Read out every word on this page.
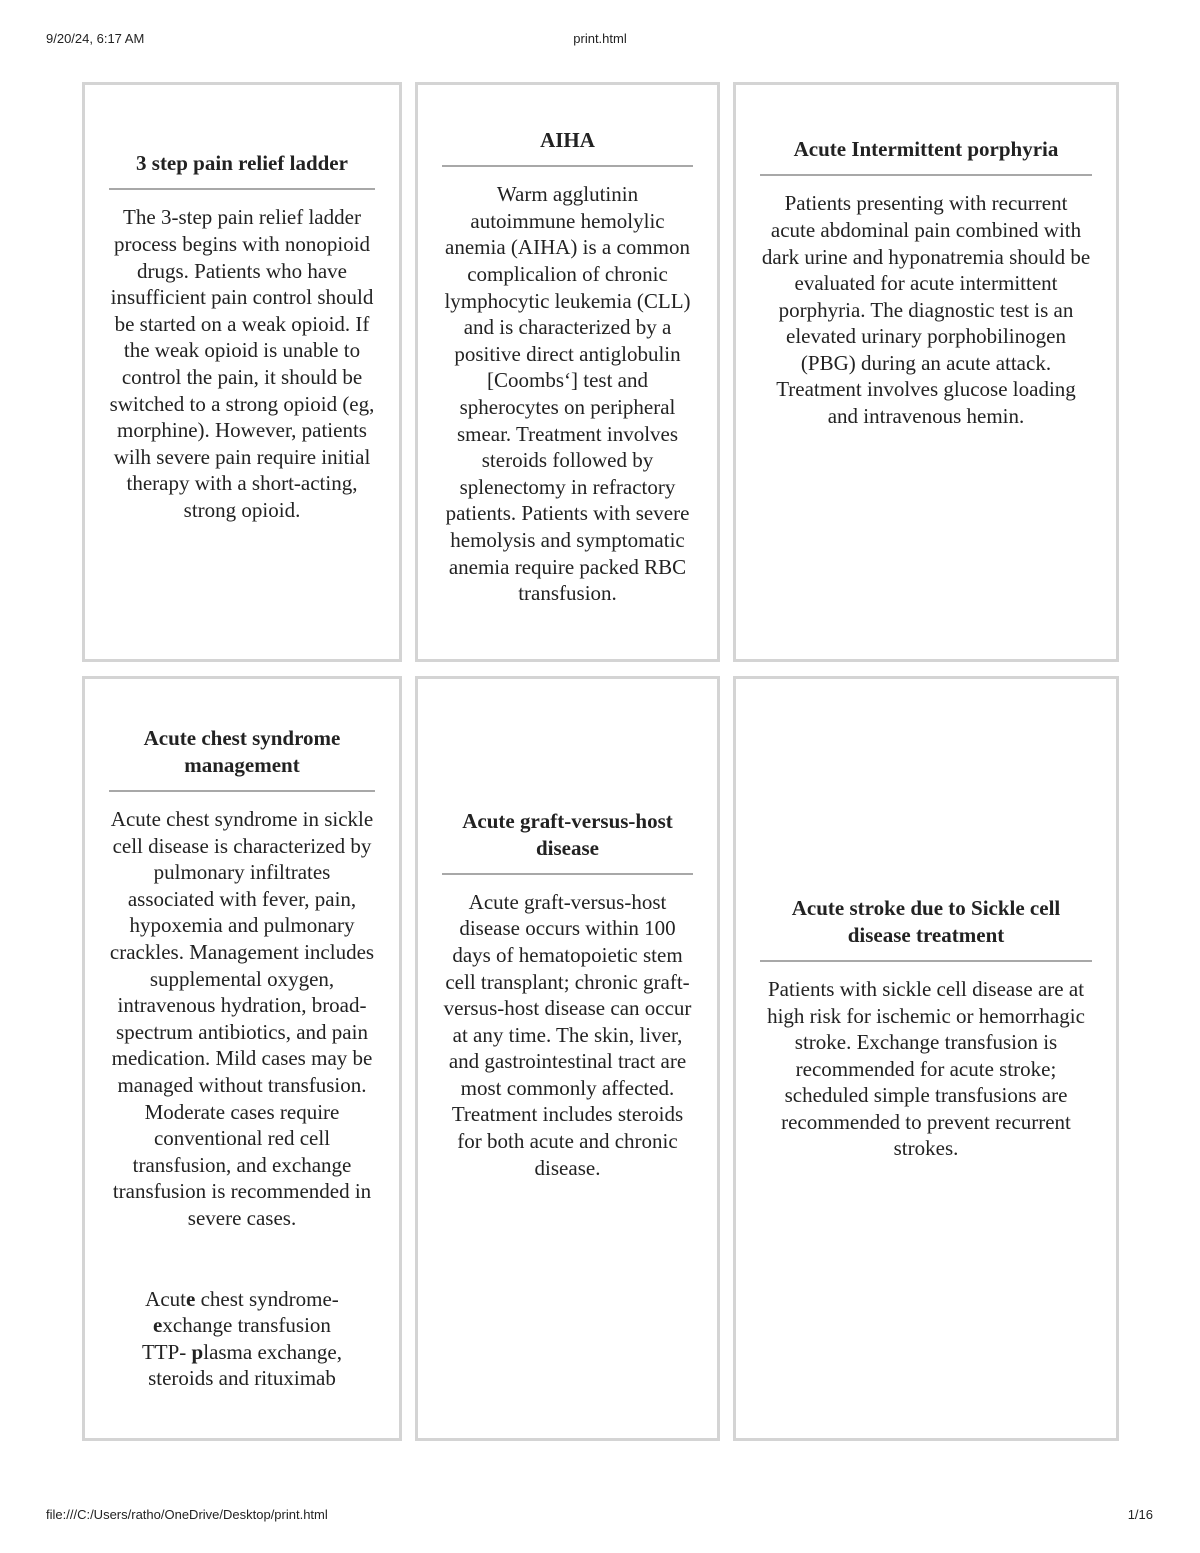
print.html
9/20/24, 6:17 AM
3 step pain relief ladder

The 3-step pain relief ladder process begins with nonopioid drugs. Patients who have insufficient pain control should be started on a weak opioid. If the weak opioid is unable to control the pain, it should be switched to a strong opioid (eg, morphine). However, patients wilh severe pain require initial therapy with a short-acting, strong opioid.

AIHA

Warm agglutinin autoimmune hemolylic anemia (AIHA) is a common complicalion of chronic lymphocytic leukemia (CLL) and is characterized by a positive direct antiglobulin [Coombs‘] test and spherocytes on peripheral smear. Treatment involves steroids followed by splenectomy in refractory patients. Patients with severe hemolysis and symptomatic anemia require packed RBC transfusion.

Acute Intermittent porphyria

Patients presenting with recurrent acute abdominal pain combined with dark urine and hyponatremia should be evaluated for acute intermittent porphyria. The diagnostic test is an elevated urinary porphobilinogen (PBG) during an acute attack. Treatment involves glucose loading and intravenous hemin.

Acute chest syndrome management

Acute chest syndrome in sickle cell disease is characterized by pulmonary infiltrates associated with fever, pain, hypoxemia and pulmonary crackles. Management includes supplemental oxygen, intravenous hydration, broad-spectrum antibiotics, and pain medication. Mild cases may be managed without transfusion. Moderate cases require conventional red cell transfusion, and exchange transfusion is recommended in severe cases.

Acute chest syndrome-
exchange transfusion
TTP- plasma exchange,
steroids and rituximab

Acute graft-versus-host disease

Acute graft-versus-host disease occurs within 100 days of hematopoietic stem cell transplant; chronic graft-versus-host disease can occur at any time. The skin, liver, and gastrointestinal tract are most commonly affected. Treatment includes steroids for both acute and chronic disease.

Acute stroke due to Sickle cell disease treatment

Patients with sickle cell disease are at high risk for ischemic or hemorrhagic stroke. Exchange transfusion is recommended for acute stroke; scheduled simple transfusions are recommended to prevent recurrent strokes.

file:///C:/Users/ratho/OneDrive/Desktop/print.html	1/16
